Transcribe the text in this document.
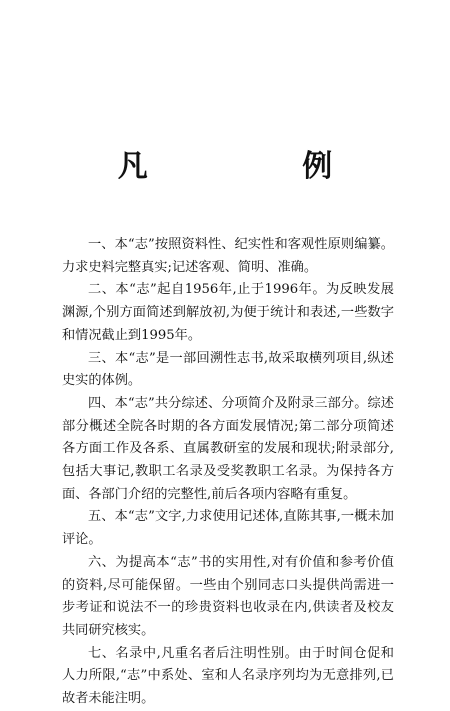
凡 例

一、本“志”按照资料性、纪实性和客观性原则编纂。力求史料完整真实;记述客观、简明、准确。

二、本“志”起自1956年,止于1996年。为反映发展渊源,个别方面简述到解放初,为便于统计和表述,一些数字和情况截止到1995年。

三、本“志”是一部回溯性志书,故采取横列项目,纵述史实的体例。

四、本“志”共分综述、分项简介及附录三部分。综述部分概述全院各时期的各方面发展情况;第二部分项简述各方面工作及各系、直属教研室的发展和现状;附录部分,包括大事记,教职工名录及受奖教职工名录。为保持各方面、各部门介绍的完整性,前后各项内容略有重复。

五、本“志”文字,力求使用记述体,直陈其事,一概未加评论。

六、为提高本“志”书的实用性,对有价值和参考价值的资料,尽可能保留。一些由个别同志口头提供尚需进一步考证和说法不一的珍贵资料也收录在内,供读者及校友共同研究核实。

七、名录中,凡重名者后注明性别。由于时间仓促和人力所限,“志”中系处、室和人名录序列均为无意排列,已故者未能注明。
